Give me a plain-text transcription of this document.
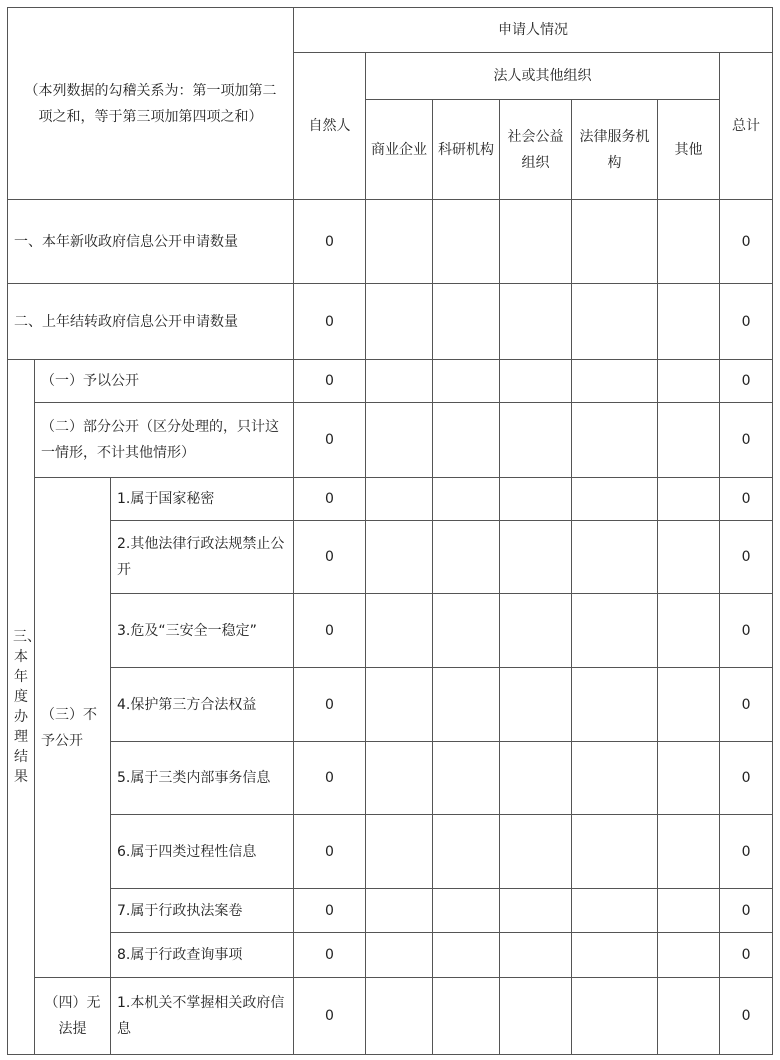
（本列数据的勾稽关系为：第一项加第二项之和，等于第三项加第四项之和）			申请人情况						
			自然人	法人或其他组织					总计
				商业企业	科研机构	社会公益组织	法律服务机构	其他	
一、本年新收政府信息公开申请数量			0						0
二、上年结转政府信息公开申请数量			0						0
三、本年度办理结果	（一）予以公开		0						0
	（二）部分公开（区分处理的，只计这一情形，不计其他情形）		0						0
	（三）不予公开	1.属于国家秘密	0						0
		2.其他法律行政法规禁止公开	0						0
		3.危及“三安全一稳定”	0						0
		4.保护第三方合法权益	0						0
		5.属于三类内部事务信息	0						0
		6.属于四类过程性信息	0						0
		7.属于行政执法案卷	0						0
		8.属于行政查询事项	0						0
	（四）无法提	1.本机关不掌握相关政府信息	0						0
